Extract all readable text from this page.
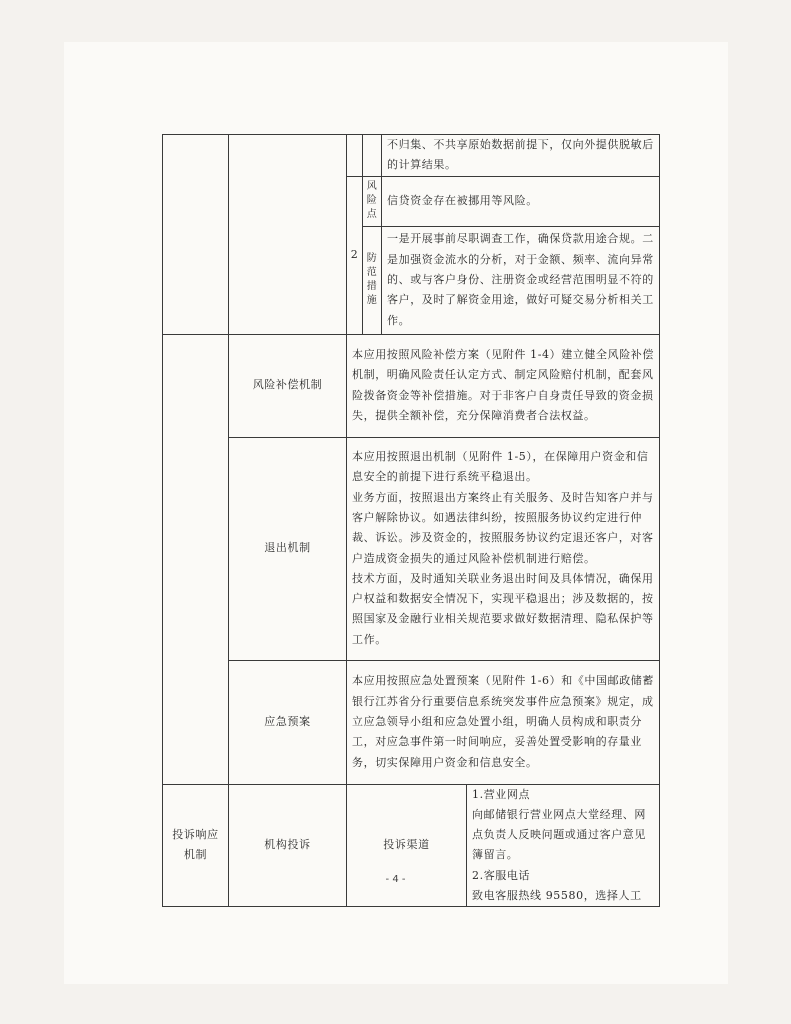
				不归集、不共享原始数据前提下，仅向外提供脱敏后的计算结果。	
		2	风险点	信贷资金存在被挪用等风险。	

			防范措施	一是开展事前尽职调查工作，确保贷款用途合规。二是加强资金流水的分析，对于金额、频率、流向异常的、或与客户身份、注册资金或经营范围明显不符的客户，及时了解资金用途，做好可疑交易分析相关工作。	
	风险补偿机制	本应用按照风险补偿方案（见附件 1-4）建立健全风险补偿机制，明确风险责任认定方式、制定风险赔付机制，配套风险拨备资金等补偿措施。对于非客户自身责任导致的资金损失，提供全额补偿，充分保障消费者合法权益。			
	退出机制	本应用按照退出机制（见附件 1-5），在保障用户资金和信息安全的前提下进行系统平稳退出。
业务方面，按照退出方案终止有关服务、及时告知客户并与客户解除协议。如遇法律纠纷，按照服务协议约定进行仲裁、诉讼。涉及资金的，按照服务协议约定退还客户，对客户造成资金损失的通过风险补偿机制进行赔偿。
技术方面，及时通知关联业务退出时间及具体情况，确保用户权益和数据安全情况下，实现平稳退出；涉及数据的，按照国家及金融行业相关规范要求做好数据清理、隐私保护等工作。			

	应急预案	本应用按照应急处置预案（见附件 1-6）和《中国邮政储蓄银行江苏省分行重要信息系统突发事件应急预案》规定，成立应急领导小组和应急处置小组，明确人员构成和职责分工，对应急事件第一时间响应，妥善处置受影响的存量业务，切实保障用户资金和信息安全。			
投诉响应机制	机构投诉	投诉渠道			1.营业网点
向邮储银行营业网点大堂经理、网点负责人反映问题或通过客户意见簿留言。
2.客服电话
致电客服热线 95580，选择人工
- 4 -
